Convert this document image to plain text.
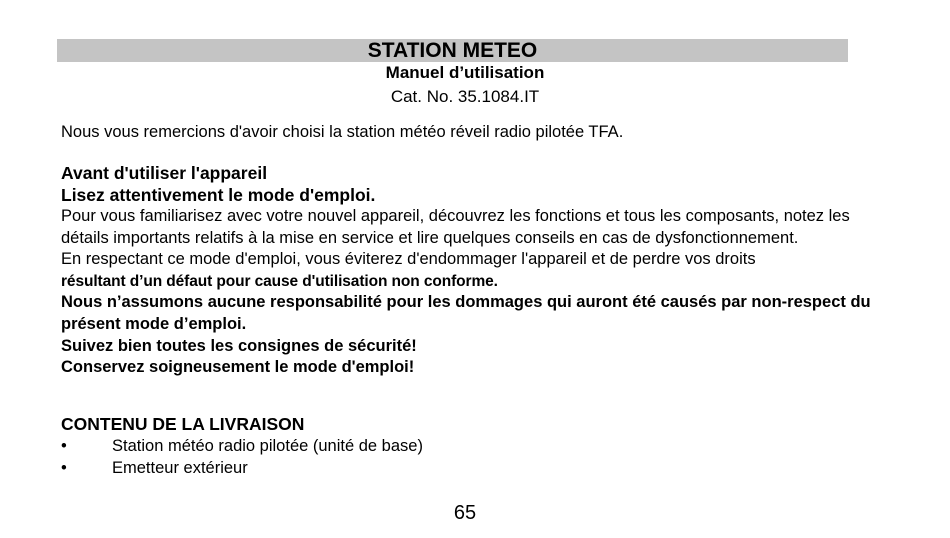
STATION METEO
Manuel d’utilisation
Cat. No. 35.1084.IT
Nous vous remercions d'avoir choisi la station météo réveil radio pilotée TFA.
Avant d'utiliser l'appareil
Lisez attentivement le mode d'emploi.

Pour vous familiarisez avec votre nouvel appareil, découvrez les fonctions et tous les composants, notez les détails importants relatifs à la mise en service et lire quelques conseils en cas de dysfonctionnement.

En respectant ce mode d'emploi, vous éviterez d'endommager l'appareil et de perdre vos droits

résultant d’un défaut pour cause d'utilisation non conforme.

Nous n’assumons aucune responsabilité pour les dommages qui auront été causés par non-respect du présent mode d’emploi.

Suivez bien toutes les consignes de sécurité!

Conservez soigneusement le mode d'emploi!

CONTENU DE LA LIVRAISON
•	Station météo radio pilotée (unité de base)
•	Emetteur extérieur
65
